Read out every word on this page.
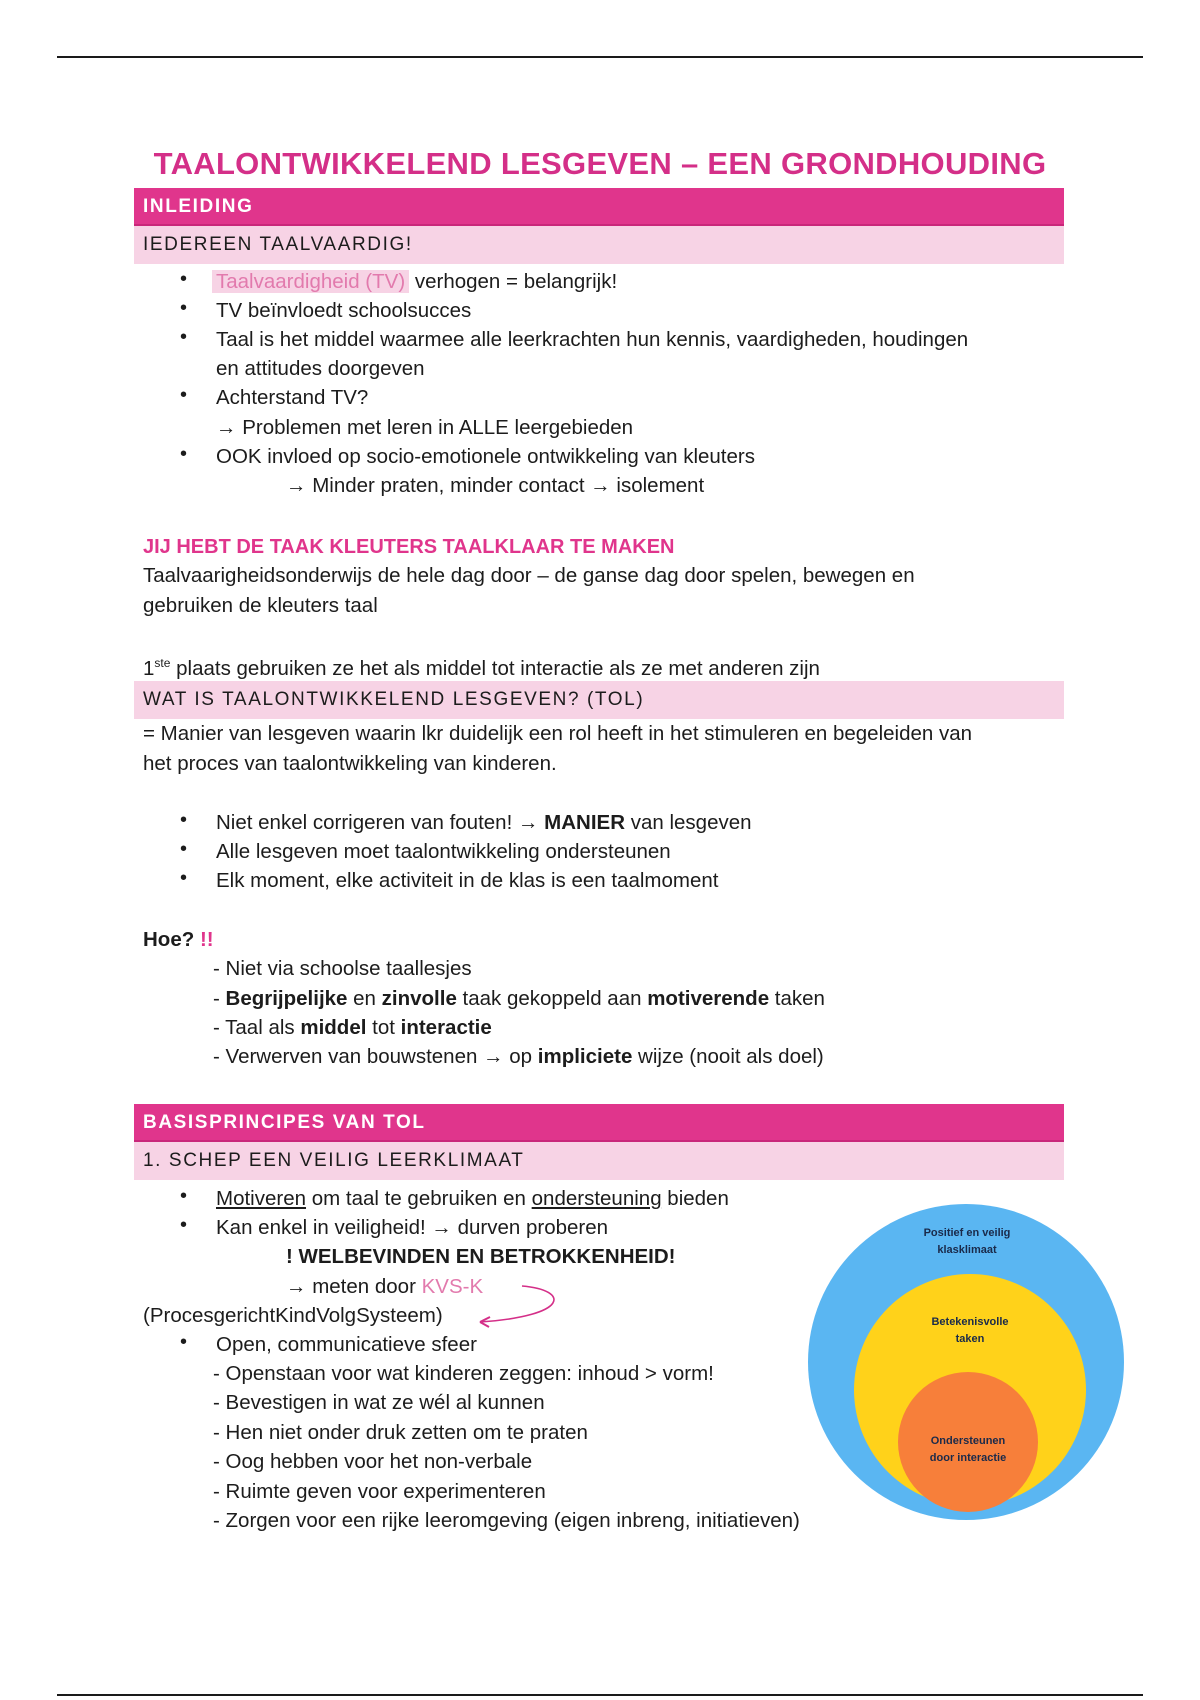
TAALONTWIKKELEND LESGEVEN – EEN GRONDHOUDING
INLEIDING
IEDEREEN TAALVAARDIG!
• Taalvaardigheid (TV) verhogen = belangrijk!
• TV beïnvloedt schoolsucces
• Taal is het middel waarmee alle leerkrachten hun kennis, vaardigheden, houdingen
en attitudes doorgeven
• Achterstand TV?
→ Problemen met leren in ALLE leergebieden
• OOK invloed op socio-emotionele ontwikkeling van kleuters
→ Minder praten, minder contact → isolement
JIJ HEBT DE TAAK KLEUTERS TAALKLAAR TE MAKEN
Taalvaarigheidsonderwijs de hele dag door – de ganse dag door spelen, bewegen en
gebruiken de kleuters taal
1ste plaats gebruiken ze het als middel tot interactie als ze met anderen zijn
WAT IS TAALONTWIKKELEND LESGEVEN? (TOL)
= Manier van lesgeven waarin lkr duidelijk een rol heeft in het stimuleren en begeleiden van
het proces van taalontwikkeling van kinderen.
• Niet enkel corrigeren van fouten! → MANIER van lesgeven
• Alle lesgeven moet taalontwikkeling ondersteunen
• Elk moment, elke activiteit in de klas is een taalmoment
Hoe? !!
- Niet via schoolse taallesjes
- Begrijpelijke en zinvolle taak gekoppeld aan motiverende taken
- Taal als middel tot interactie
- Verwerven van bouwstenen → op impliciete wijze (nooit als doel)
BASISPRINCIPES VAN TOL
1. SCHEP EEN VEILIG LEERKLIMAAT
• Motiveren om taal te gebruiken en ondersteuning bieden
• Kan enkel in veiligheid! → durven proberen
! WELBEVINDEN EN BETROKKENHEID!
→ meten door KVS-K
(ProcesgerichtKindVolgSysteem)
• Open, communicatieve sfeer
- Openstaan voor wat kinderen zeggen: inhoud > vorm!
- Bevestigen in wat ze wél al kunnen
- Hen niet onder druk zetten om te praten
- Oog hebben voor het non-verbale
- Ruimte geven voor experimenteren
- Zorgen voor een rijke leeromgeving (eigen inbreng, initiatieven)
Positief en veilig
klasklimaat
Betekenisvolle
taken
Ondersteunen
door interactie
